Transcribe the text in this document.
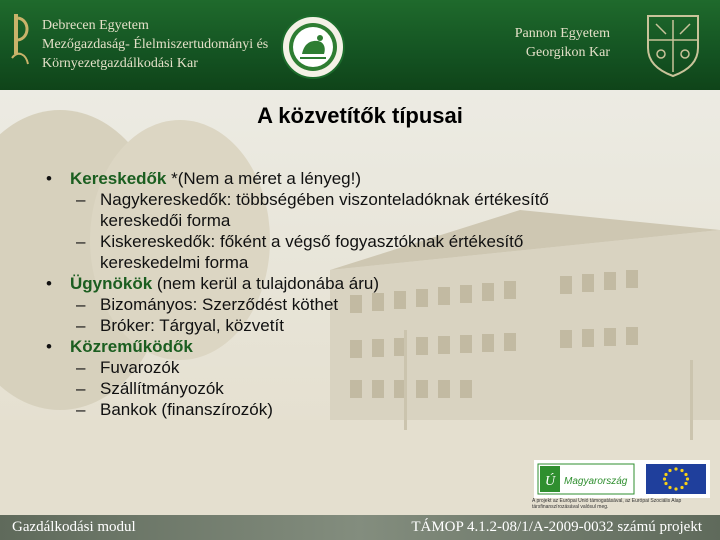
Debrecen Egyetem
Mezőgazdaság- Élelmiszertudományi és
Környezetgazdálkodási Kar
Pannon Egyetem
Georgikon Kar
A közvetítők típusai
• Kereskedők *(Nem a méret a lényeg!)
– Nagykereskedők: többségében viszonteladóknak értékesítő
kereskedői forma
– Kiskereskedők: főként a végső fogyasztóknak értékesítő
kereskedelmi forma
• Ügynökök (nem kerül a tulajdonába áru)
– Bizományos: Szerződést köthet
– Bróker: Tárgyal, közvetít
• Közreműködők
– Fuvarozók
– Szállítmányozók
– Bankok (finanszírozók)
Ú Magyarország
A projekt az Európai Unió támogatásával, az Európai Szociális Alap társfinanszírozásával valósul meg.
Gazdálkodási modul	TÁMOP 4.1.2-08/1/A-2009-0032 számú projekt
